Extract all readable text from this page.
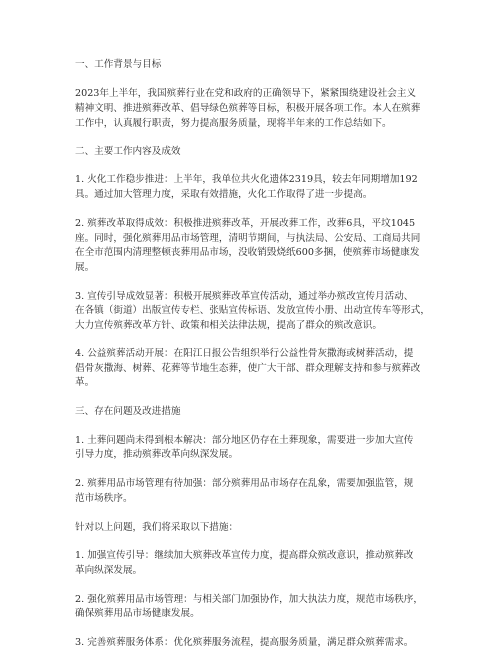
一、工作背景与目标
2023年上半年，我国殡葬行业在党和政府的正确领导下，紧紧围绕建设社会主义
精神文明、推进殡葬改革、倡导绿色殡葬等目标，积极开展各项工作。本人在殡葬
工作中，认真履行职责，努力提高服务质量，现将半年来的工作总结如下。
二、主要工作内容及成效
1. 火化工作稳步推进：上半年，我单位共火化遗体2319具，较去年同期增加192
具。通过加大管理力度，采取有效措施，火化工作取得了进一步提高。
2. 殡葬改革取得成效：积极推进殡葬改革，开展改葬工作，改葬6具，平坟1045
座。同时，强化殡葬用品市场管理，清明节期间，与执法局、公安局、工商局共同
在全市范围内清理整顿丧葬用品市场，没收销毁烧纸600多捆，使殡葬市场健康发
展。
3. 宣传引导成效显著：积极开展殡葬改革宣传活动，通过举办殡改宣传月活动、
在各镇（街道）出版宣传专栏、张贴宣传标语、发放宣传小册、出动宣传车等形式，
大力宣传殡葬改革方针、政策和相关法律法规，提高了群众的殡改意识。
4. 公益殡葬活动开展：在阳江日报公告组织举行公益性骨灰撒海或树葬活动，提
倡骨灰撒海、树葬、花葬等节地生态葬，使广大干部、群众理解支持和参与殡葬改
革。
三、存在问题及改进措施
1. 土葬问题尚未得到根本解决：部分地区仍存在土葬现象，需要进一步加大宣传
引导力度，推动殡葬改革向纵深发展。
2. 殡葬用品市场管理有待加强：部分殡葬用品市场存在乱象，需要加强监管，规
范市场秩序。
针对以上问题，我们将采取以下措施：
1. 加强宣传引导：继续加大殡葬改革宣传力度，提高群众殡改意识，推动殡葬改
革向纵深发展。
2. 强化殡葬用品市场管理：与相关部门加强协作，加大执法力度，规范市场秩序，
确保殡葬用品市场健康发展。
3. 完善殡葬服务体系：优化殡葬服务流程，提高服务质量，满足群众殡葬需求。
